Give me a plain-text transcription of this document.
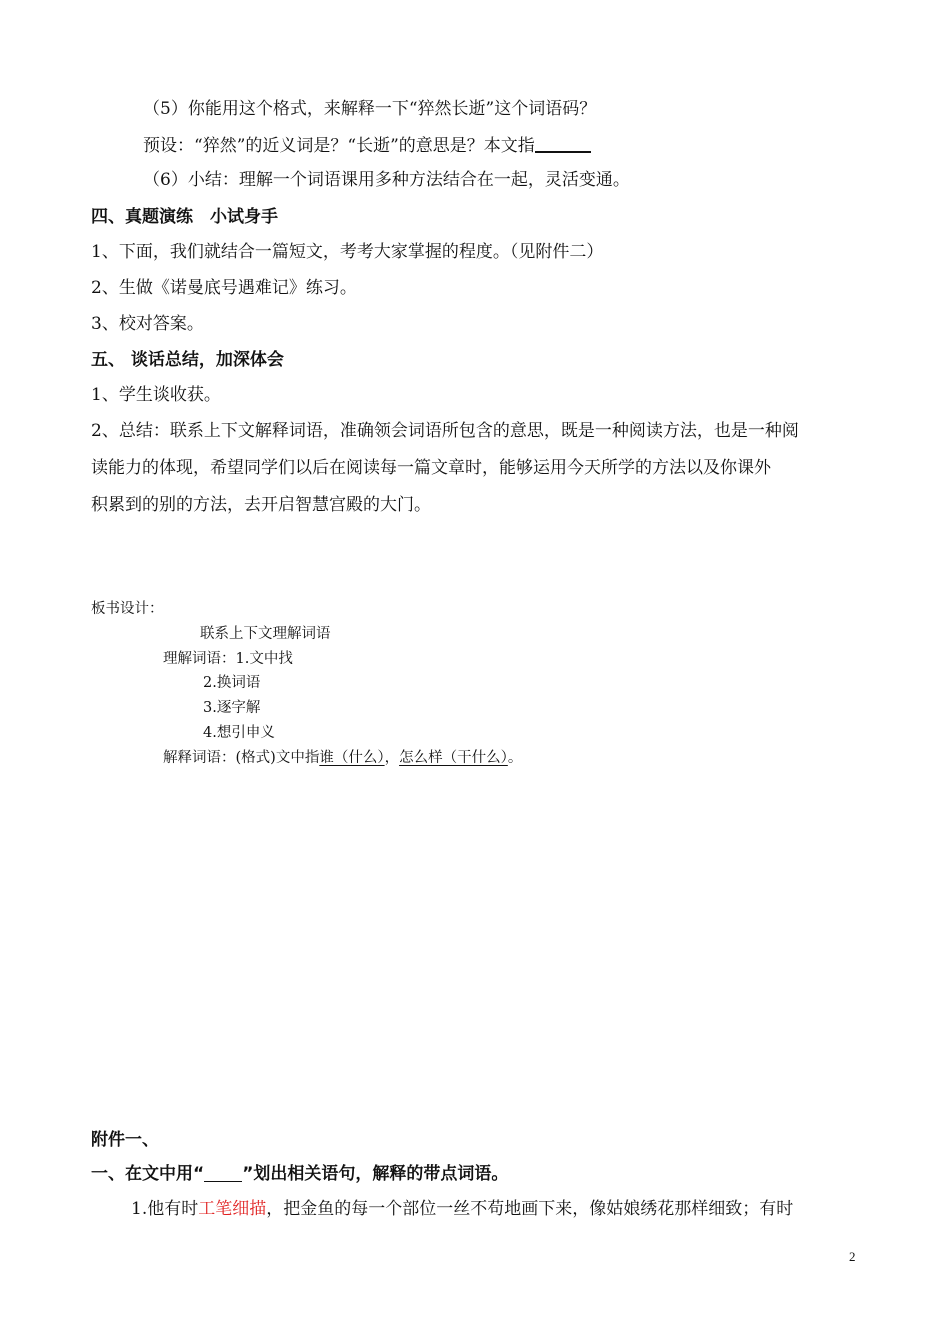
（5）你能用这个格式，来解释一下“猝然长逝”这个词语码？
预设：“猝然”的近义词是？“长逝”的意思是？本文指
（6）小结：理解一个词语课用多种方法结合在一起，灵活变通。
四、真题演练　小试身手
1、下面，我们就结合一篇短文，考考大家掌握的程度。（见附件二）
2、生做《诺曼底号遇难记》练习。
3、校对答案。
五、 谈话总结，加深体会
1、学生谈收获。
2、总结：联系上下文解释词语，准确领会词语所包含的意思，既是一种阅读方法，也是一种阅
读能力的体现，希望同学们以后在阅读每一篇文章时，能够运用今天所学的方法以及你课外
积累到的别的方法，去开启智慧宫殿的大门。
板书设计：
联系上下文理解词语
理解词语：1.文中找
2.换词语
3.逐字解
4.想引申义
解释词语：(格式)文中指谁（什么），怎么样（干什么）。
附件一、
一、在文中用“ ”划出相关语句，解释的带点词语。
1.他有时工笔细描，把金鱼的每一个部位一丝不苟地画下来，像姑娘绣花那样细致；有时
2
